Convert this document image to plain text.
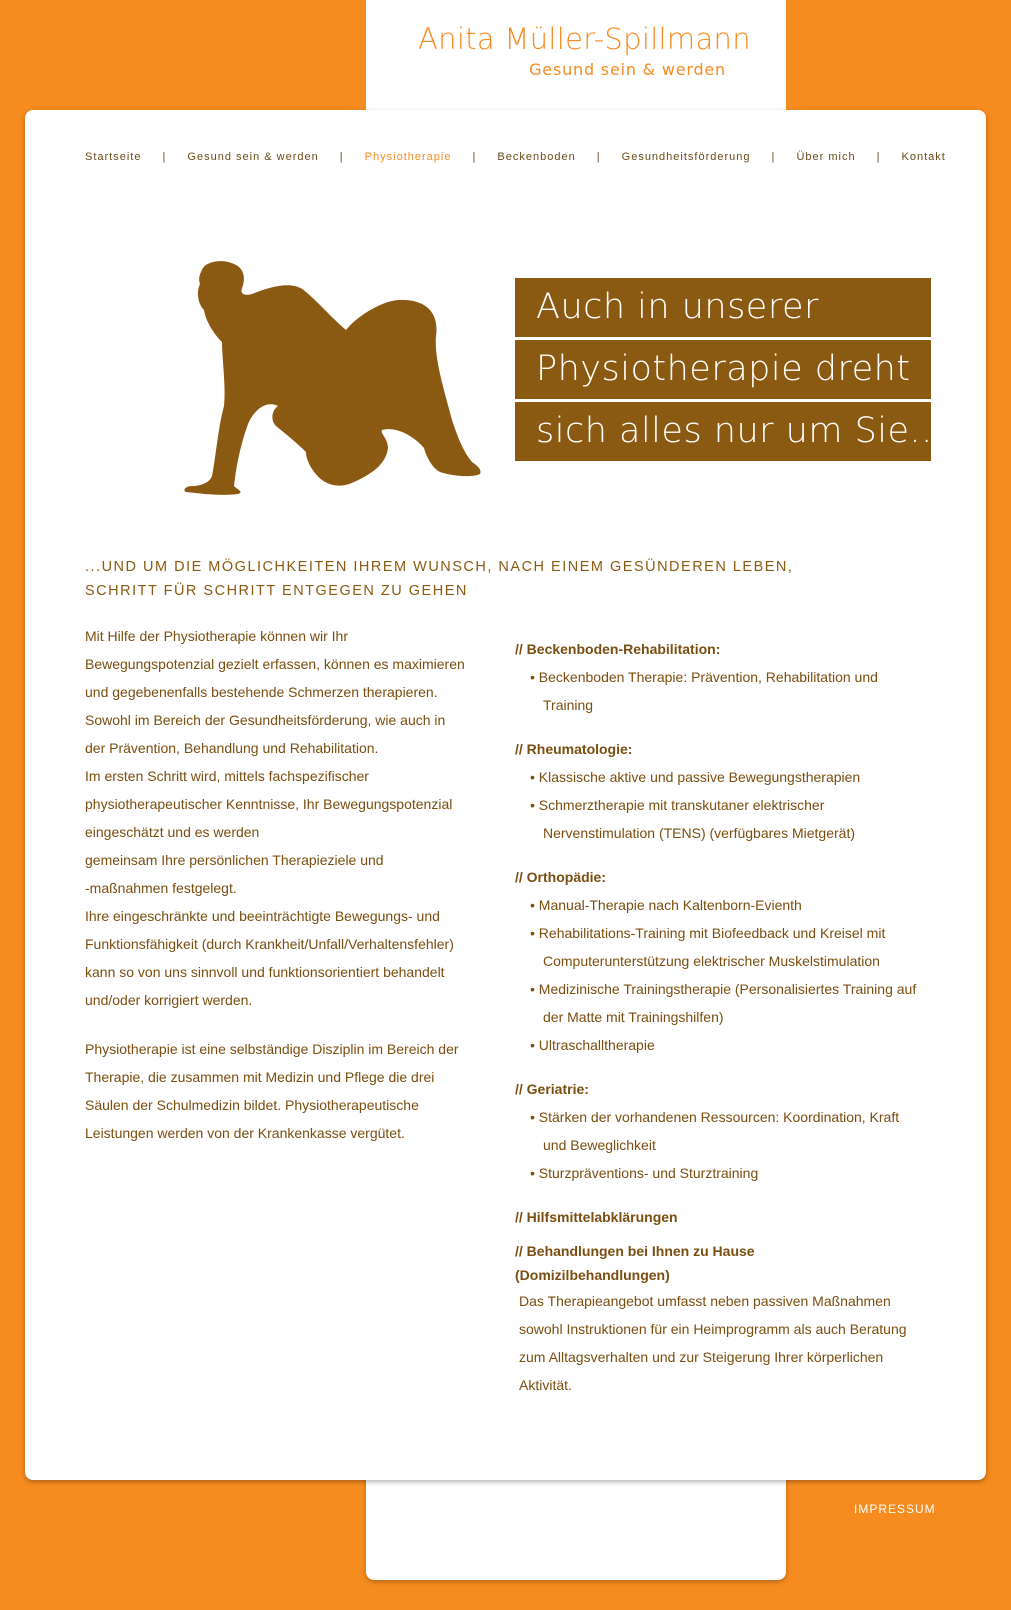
Anita Müller-Spillmann
Gesund sein & werden
Startseite | Gesund sein & werden | Physiotherapie | Beckenboden | Gesundheitsförderung | Über mich | Kontakt
Auch in unserer
Physiotherapie dreht
sich alles nur um Sie...
...UND UM DIE MÖGLICHKEITEN IHREM WUNSCH, NACH EINEM GESÜNDEREN LEBEN,
SCHRITT FÜR SCHRITT ENTGEGEN ZU GEHEN

Mit Hilfe der Physiotherapie können wir Ihr
Bewegungspotenzial gezielt erfassen, können es maximieren
und gegebenenfalls bestehende Schmerzen therapieren.
Sowohl im Bereich der Gesundheitsförderung, wie auch in
der Prävention, Behandlung und Rehabilitation.
Im ersten Schritt wird, mittels fachspezifischer
physiotherapeutischer Kenntnisse, Ihr Bewegungspotenzial
eingeschätzt und es werden
gemeinsam Ihre persönlichen Therapieziele und
-maßnahmen festgelegt.
Ihre eingeschränkte und beeinträchtigte Bewegungs- und
Funktionsfähigkeit (durch Krankheit/Unfall/Verhaltensfehler)
kann so von uns sinnvoll und funktionsorientiert behandelt
und/oder korrigiert werden.

Physiotherapie ist eine selbständige Disziplin im Bereich der
Therapie, die zusammen mit Medizin und Pflege die drei
Säulen der Schulmedizin bildet. Physiotherapeutische
Leistungen werden von der Krankenkasse vergütet.

// Beckenboden-Rehabilitation:
• Beckenboden Therapie: Prävention, Rehabilitation und Training
// Rheumatologie:
• Klassische aktive und passive Bewegungstherapien
• Schmerztherapie mit transkutaner elektrischer Nervenstimulation (TENS) (verfügbares Mietgerät)
// Orthopädie:
• Manual-Therapie nach Kaltenborn-Evienth
• Rehabilitations-Training mit Biofeedback und Kreisel mit Computerunterstützung elektrischer Muskelstimulation
• Medizinische Trainingstherapie (Personalisiertes Training auf der Matte mit Trainingshilfen)
• Ultraschalltherapie
// Geriatrie:
• Stärken der vorhandenen Ressourcen: Koordination, Kraft und Beweglichkeit
• Sturzpräventions- und Sturztraining
// Hilfsmittelabklärungen
// Behandlungen bei Ihnen zu Hause
(Domizilbehandlungen)

Das Therapieangebot umfasst neben passiven Maßnahmen sowohl Instruktionen für ein Heimprogramm als auch Beratung zum Alltagsverhalten und zur Steigerung Ihrer körperlichen Aktivität.

IMPRESSUM
